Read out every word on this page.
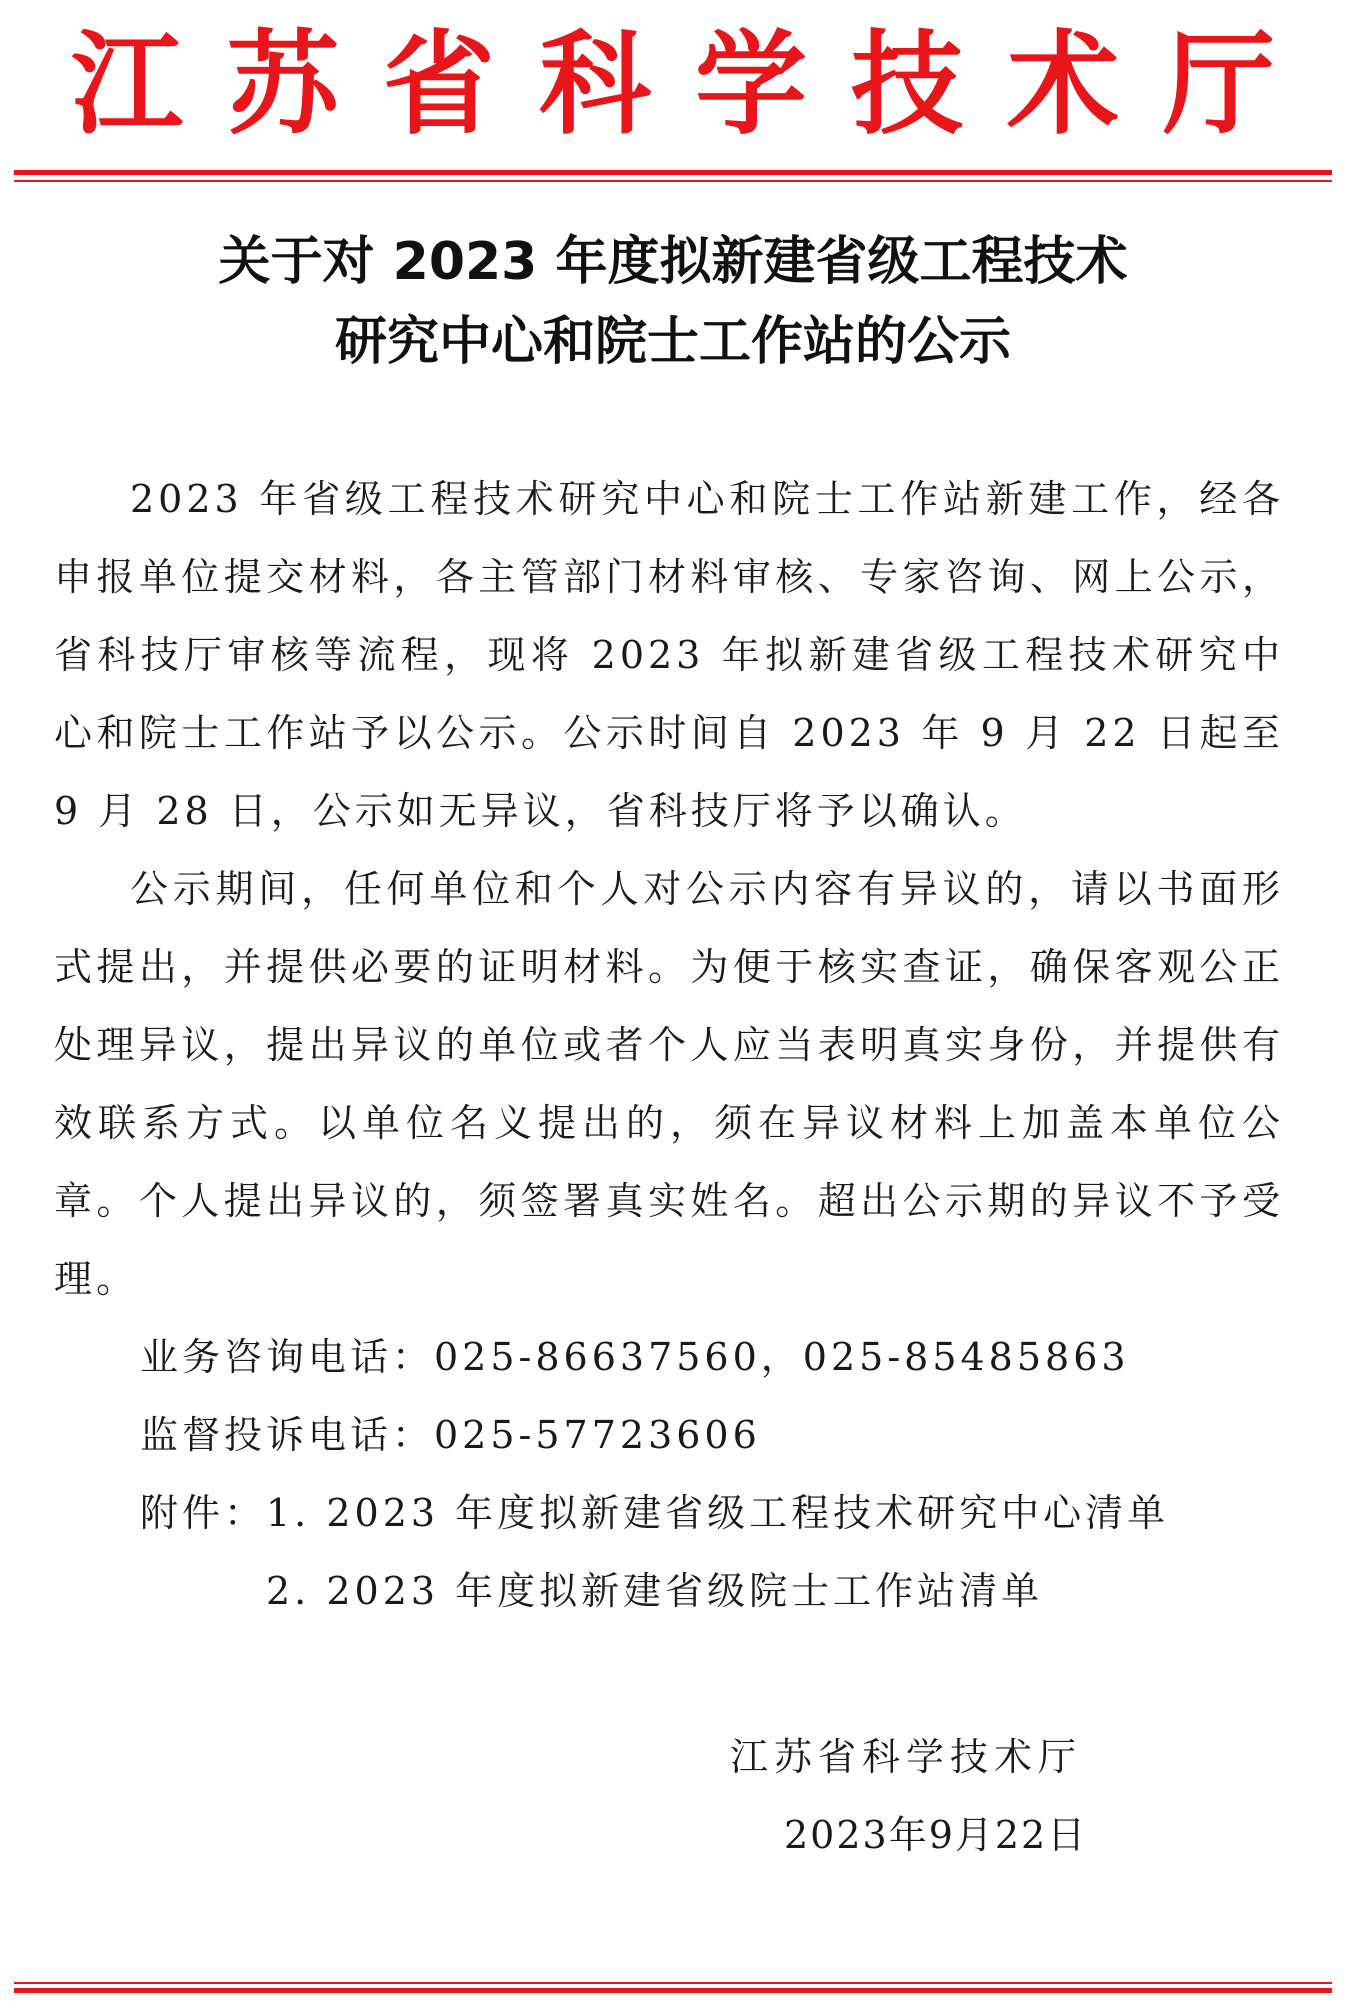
江苏省科学技术厅
关于对 2023 年度拟新建省级工程技术
研究中心和院士工作站的公示

2023 年省级工程技术研究中心和院士工作站新建工作，经各申报单位提交材料，各主管部门材料审核、专家咨询、网上公示，省科技厅审核等流程，现将 2023 年拟新建省级工程技术研究中心和院士工作站予以公示。公示时间自 2023 年 9 月 22 日起至 9 月 28 日，公示如无异议，省科技厅将予以确认。

公示期间，任何单位和个人对公示内容有异议的，请以书面形式提出，并提供必要的证明材料。为便于核实查证，确保客观公正处理异议，提出异议的单位或者个人应当表明真实身份，并提供有效联系方式。以单位名义提出的，须在异议材料上加盖本单位公章。个人提出异议的，须签署真实姓名。超出公示期的异议不予受理。

业务咨询电话：025-86637560，025-85485863

监督投诉电话：025-57723606

附件：1. 2023 年度拟新建省级工程技术研究中心清单

2. 2023 年度拟新建省级院士工作站清单

江苏省科学技术厅
2023年9月22日
